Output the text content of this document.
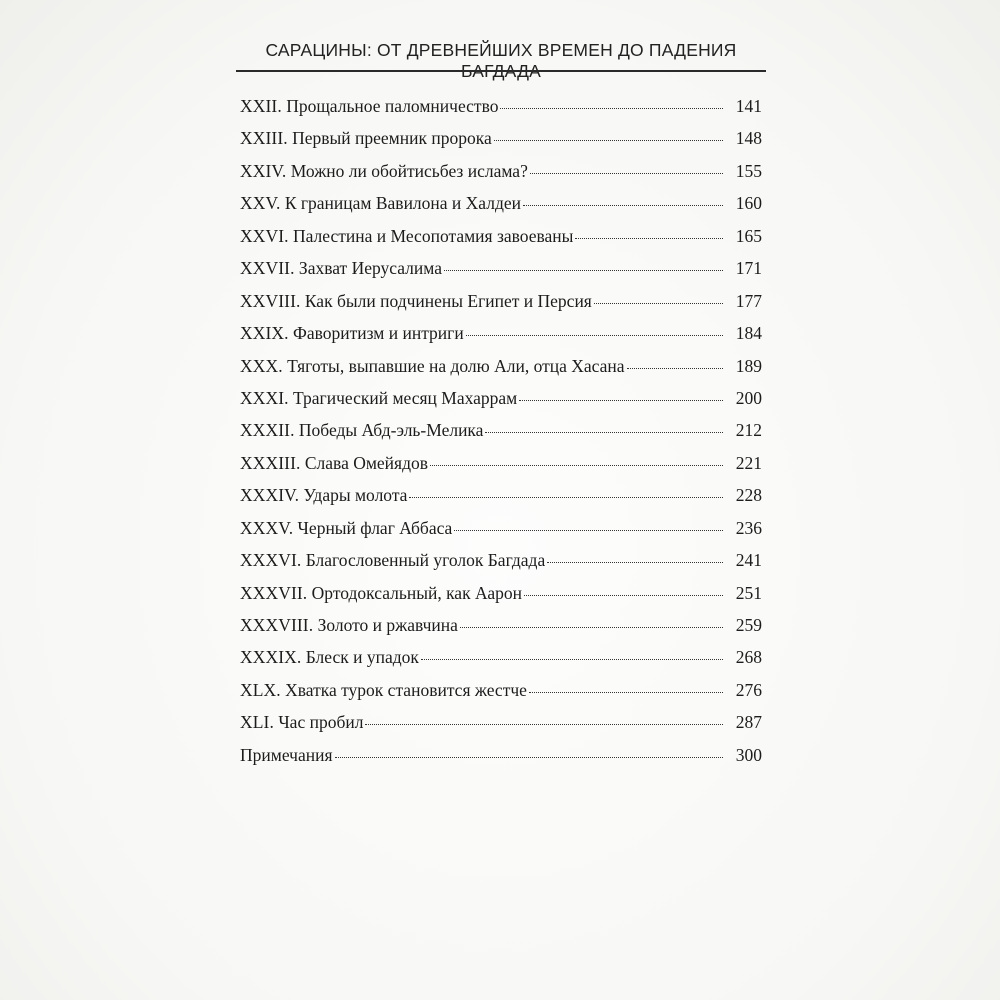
САРАЦИНЫ: ОТ ДРЕВНЕЙШИХ ВРЕМЕН ДО ПАДЕНИЯ БАГДАДА
XXII. Прощальное паломничество	141
XXIII. Первый преемник пророка	148
XXIV. Можно ли обойтисьбез ислама?	155
XXV. К границам Вавилона и Халдеи	160
XXVI. Палестина и Месопотамия завоеваны	165
XXVII. Захват Иерусалима	171
XXVIII. Как были подчинены Египет и Персия	177
XXIX. Фаворитизм и интриги	184
XXX. Тяготы, выпавшие на долю Али, отца Хасана	189
XXXI. Трагический месяц Махаррам	200
XXXII. Победы Абд-эль-Мелика	212
XXXIII. Слава Омейядов	221
XXXIV. Удары молота	228
XXXV. Черный флаг Аббаса	236
XXXVI. Благословенный уголок Багдада	241
XXXVII. Ортодоксальный, как Аарон	251
XXXVIII. Золото и ржавчина	259
XXXIX. Блеск и упадок	268
XLX. Хватка турок становится жестче	276
XLI. Час пробил	287
Примечания	300
